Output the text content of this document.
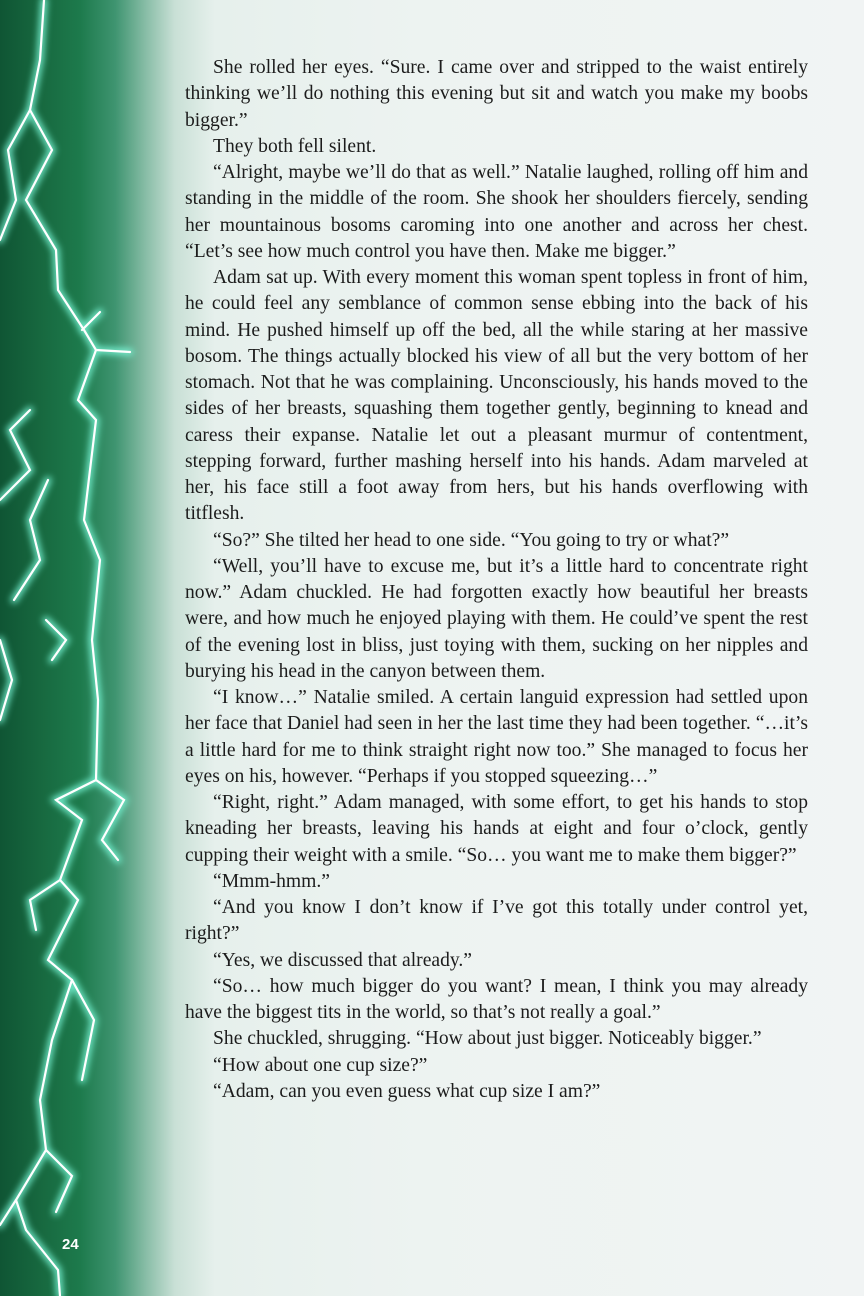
She rolled her eyes. “Sure. I came over and stripped to the waist entirely thinking we’ll do nothing this evening but sit and watch you make my boobs bigger.”

They both fell silent.

“Alright, maybe we’ll do that as well.” Natalie laughed, rolling off him and standing in the middle of the room. She shook her shoulders fiercely, sending her mountainous bosoms caroming into one another and across her chest. “Let’s see how much control you have then. Make me bigger.”

Adam sat up. With every moment this woman spent topless in front of him, he could feel any semblance of common sense ebbing into the back of his mind. He pushed himself up off the bed, all the while staring at her massive bosom. The things actually blocked his view of all but the very bottom of her stomach. Not that he was complaining. Unconsciously, his hands moved to the sides of her breasts, squashing them together gently, beginning to knead and caress their expanse. Natalie let out a pleasant murmur of contentment, stepping forward, further mashing herself into his hands. Adam marveled at her, his face still a foot away from hers, but his hands overflowing with titflesh.

“So?” She tilted her head to one side. “You going to try or what?”

“Well, you’ll have to excuse me, but it’s a little hard to concentrate right now.” Adam chuckled. He had forgotten exactly how beautiful her breasts were, and how much he enjoyed playing with them. He could’ve spent the rest of the evening lost in bliss, just toying with them, sucking on her nipples and burying his head in the canyon between them.

“I know…” Natalie smiled. A certain languid expression had settled upon her face that Daniel had seen in her the last time they had been together. “…it’s a little hard for me to think straight right now too.” She managed to focus her eyes on his, however. “Perhaps if you stopped squeezing…”

“Right, right.” Adam managed, with some effort, to get his hands to stop kneading her breasts, leaving his hands at eight and four o’clock, gently cupping their weight with a smile. “So… you want me to make them bigger?”

“Mmm-hmm.”

“And you know I don’t know if I’ve got this totally under control yet, right?”

“Yes, we discussed that already.”

“So… how much bigger do you want? I mean, I think you may already have the biggest tits in the world, so that’s not really a goal.”

She chuckled, shrugging. “How about just bigger. Noticeably bigger.”

“How about one cup size?”

“Adam, can you even guess what cup size I am?”

24
